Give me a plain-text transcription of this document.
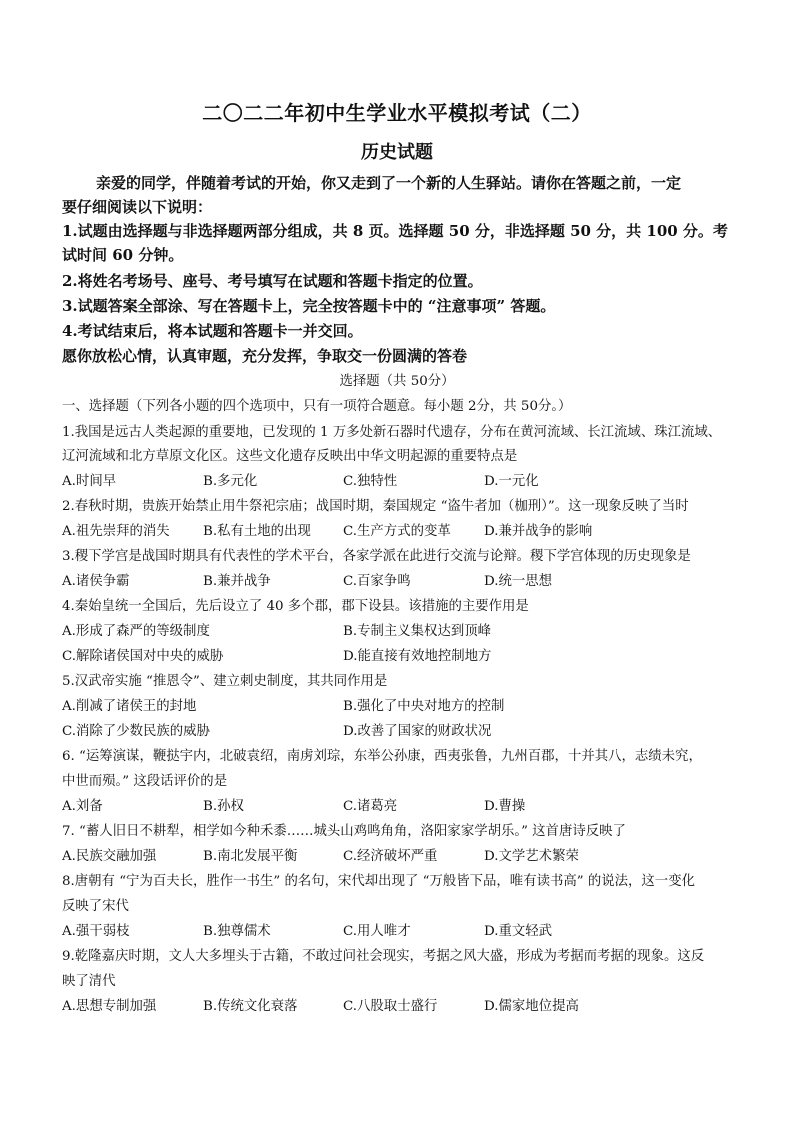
二〇二二年初中生学业水平模拟考试（二）
历史试题
亲爱的同学，伴随着考试的开始，你又走到了一个新的人生驿站。请你在答题之前，一定
要仔细阅读以下说明：
1.试题由选择题与非选择题两部分组成，共 8 页。选择题 50 分，非选择题 50 分，共 100 分。考
试时间 60 分钟。
2.将姓名考场号、座号、考号填写在试题和答题卡指定的位置。
3.试题答案全部涂、写在答题卡上，完全按答题卡中的 “注意事项” 答题。
4.考试结束后，将本试题和答题卡一并交回。
愿你放松心情，认真审题，充分发挥，争取交一份圆满的答卷
选择题（共 50分）
一、选择题（下列各小题的四个选项中，只有一项符合题意。每小题 2分，共 50分。）
1.我国是远古人类起源的重要地，已发现的 1 万多处新石器时代遗存，分布在黄河流域、长江流域、珠江流域、
辽河流域和北方草原文化区。这些文化遗存反映出中华文明起源的重要特点是
A.时间早	B.多元化	C.独特性	D.一元化
2.春秋时期，贵族开始禁止用牛祭祀宗庙；战国时期，秦国规定 “盗牛者加（枷刑）”。这一现象反映了当时
A.祖先崇拜的消失 B.私有土地的出现 C.生产方式的变革 D.兼并战争的影响
3.稷下学宫是战国时期具有代表性的学术平台，各家学派在此进行交流与论辩。稷下学宫体现的历史现象是
A.诸侯争霸	B.兼并战争	C.百家争鸣	D.统一思想
4.秦始皇统一全国后，先后设立了 40 多个郡，郡下设县。该措施的主要作用是
A.形成了森严的等级制度	B.专制主义集权达到顶峰
C.解除诸侯国对中央的威胁	D.能直接有效地控制地方
5.汉武帝实施 “推恩令”、建立刺史制度，其共同作用是
A.削减了诸侯王的封地	B.强化了中央对地方的控制
C.消除了少数民族的威胁	D.改善了国家的财政状况
6. “运筹演谋，鞭挞宇内，北破袁绍，南虏刘琮，东举公孙康，西夷张鲁，九州百郡，十并其八，志绩未究，
中世而殒。” 这段话评价的是
A.刘备	B.孙权	C.诸葛亮	D.曹操
7. “蓄人旧日不耕犁，相学如今种禾黍……城头山鸡鸣角角，洛阳家家学胡乐。” 这首唐诗反映了
A.民族交融加强	B.南北发展平衡	C.经济破坏严重	D.文学艺术繁荣
8.唐朝有 “宁为百夫长，胜作一书生” 的名句，宋代却出现了 “万般皆下品，唯有读书高” 的说法，这一变化
反映了宋代
A.强干弱枝	B.独尊儒术	C.用人唯才	D.重文轻武
9.乾隆嘉庆时期，文人大多埋头于古籍，不敢过问社会现实，考据之风大盛，形成为考据而考据的现象。这反
映了清代
A.思想专制加强	B.传统文化衰落	C.八股取士盛行	D.儒家地位提高
